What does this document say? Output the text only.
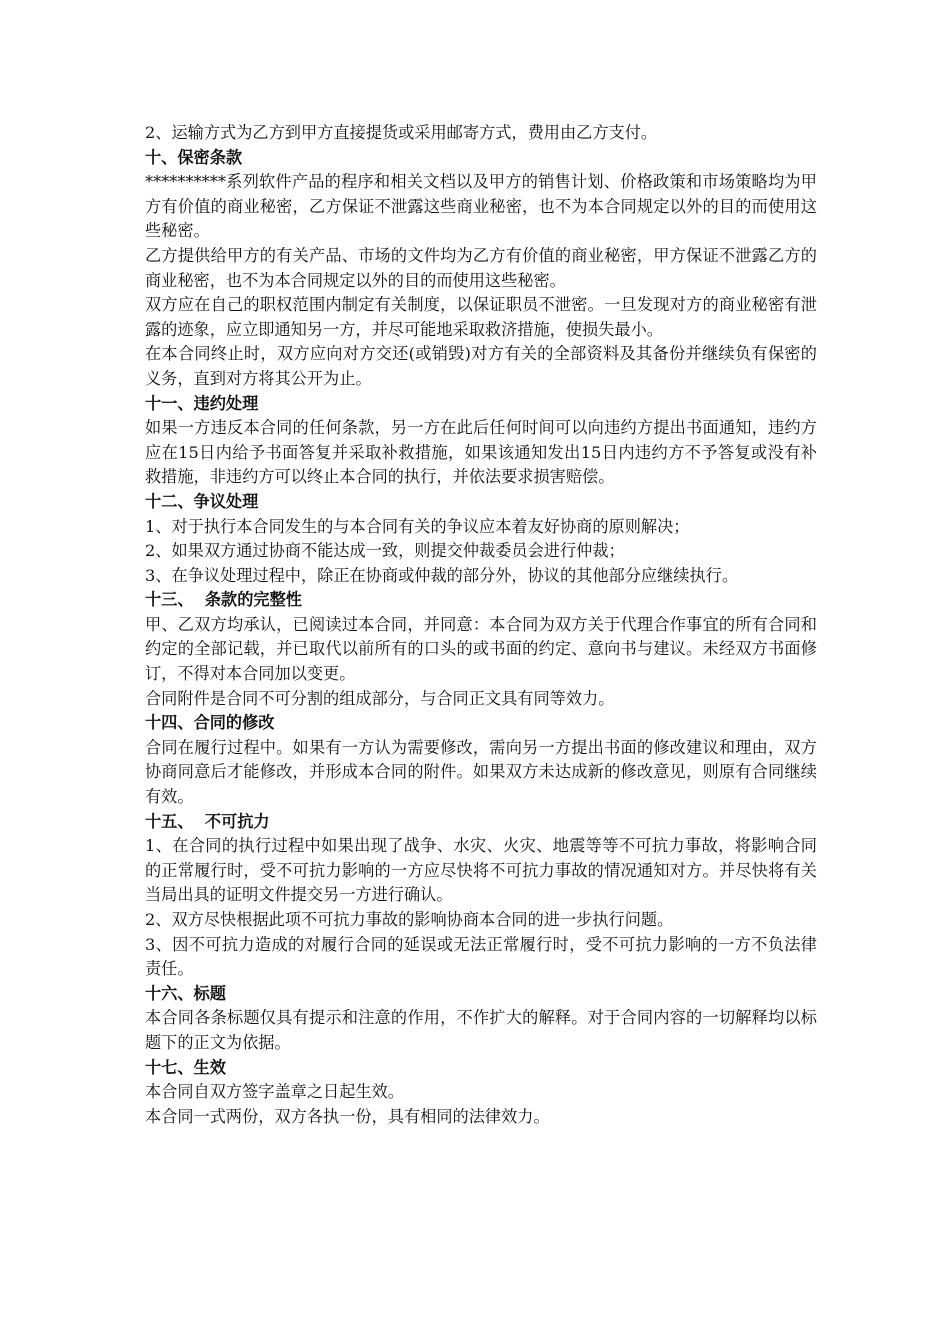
2、运输方式为乙方到甲方直接提货或采用邮寄方式，费用由乙方支付。

十、保密条款

**********系列软件产品的程序和相关文档以及甲方的销售计划、价格政策和市场策略均为甲方有价值的商业秘密，乙方保证不泄露这些商业秘密，也不为本合同规定以外的目的而使用这些秘密。

乙方提供给甲方的有关产品、市场的文件均为乙方有价值的商业秘密，甲方保证不泄露乙方的商业秘密，也不为本合同规定以外的目的而使用这些秘密。

双方应在自己的职权范围内制定有关制度，以保证职员不泄密。一旦发现对方的商业秘密有泄露的迹象，应立即通知另一方，并尽可能地采取救济措施，使损失最小。

在本合同终止时，双方应向对方交还(或销毁)对方有关的全部资料及其备份并继续负有保密的义务，直到对方将其公开为止。

十一、违约处理

如果一方违反本合同的任何条款，另一方在此后任何时间可以向违约方提出书面通知，违约方应在15日内给予书面答复并采取补救措施，如果该通知发出15日内违约方不予答复或没有补救措施，非违约方可以终止本合同的执行，并依法要求损害赔偿。

十二、争议处理

1、对于执行本合同发生的与本合同有关的争议应本着友好协商的原则解决；

2、如果双方通过协商不能达成一致，则提交仲裁委员会进行仲裁；

3、在争议处理过程中，除正在协商或仲裁的部分外，协议的其他部分应继续执行。

十三、  条款的完整性

甲、乙双方均承认，已阅读过本合同，并同意：本合同为双方关于代理合作事宜的所有合同和约定的全部记载，并已取代以前所有的口头的或书面的约定、意向书与建议。未经双方书面修订，不得对本合同加以变更。

合同附件是合同不可分割的组成部分，与合同正文具有同等效力。

十四、合同的修改

合同在履行过程中。如果有一方认为需要修改，需向另一方提出书面的修改建议和理由，双方协商同意后才能修改，并形成本合同的附件。如果双方未达成新的修改意见，则原有合同继续有效。

十五、  不可抗力

1、在合同的执行过程中如果出现了战争、水灾、火灾、地震等等不可抗力事故，将影响合同的正常履行时，受不可抗力影响的一方应尽快将不可抗力事故的情况通知对方。并尽快将有关当局出具的证明文件提交另一方进行确认。

2、双方尽快根据此项不可抗力事故的影响协商本合同的进一步执行问题。

3、因不可抗力造成的对履行合同的延误或无法正常履行时，受不可抗力影响的一方不负法律责任。

十六、标题

本合同各条标题仅具有提示和注意的作用，不作扩大的解释。对于合同内容的一切解释均以标题下的正文为依据。

十七、生效

本合同自双方签字盖章之日起生效。

本合同一式两份，双方各执一份，具有相同的法律效力。
